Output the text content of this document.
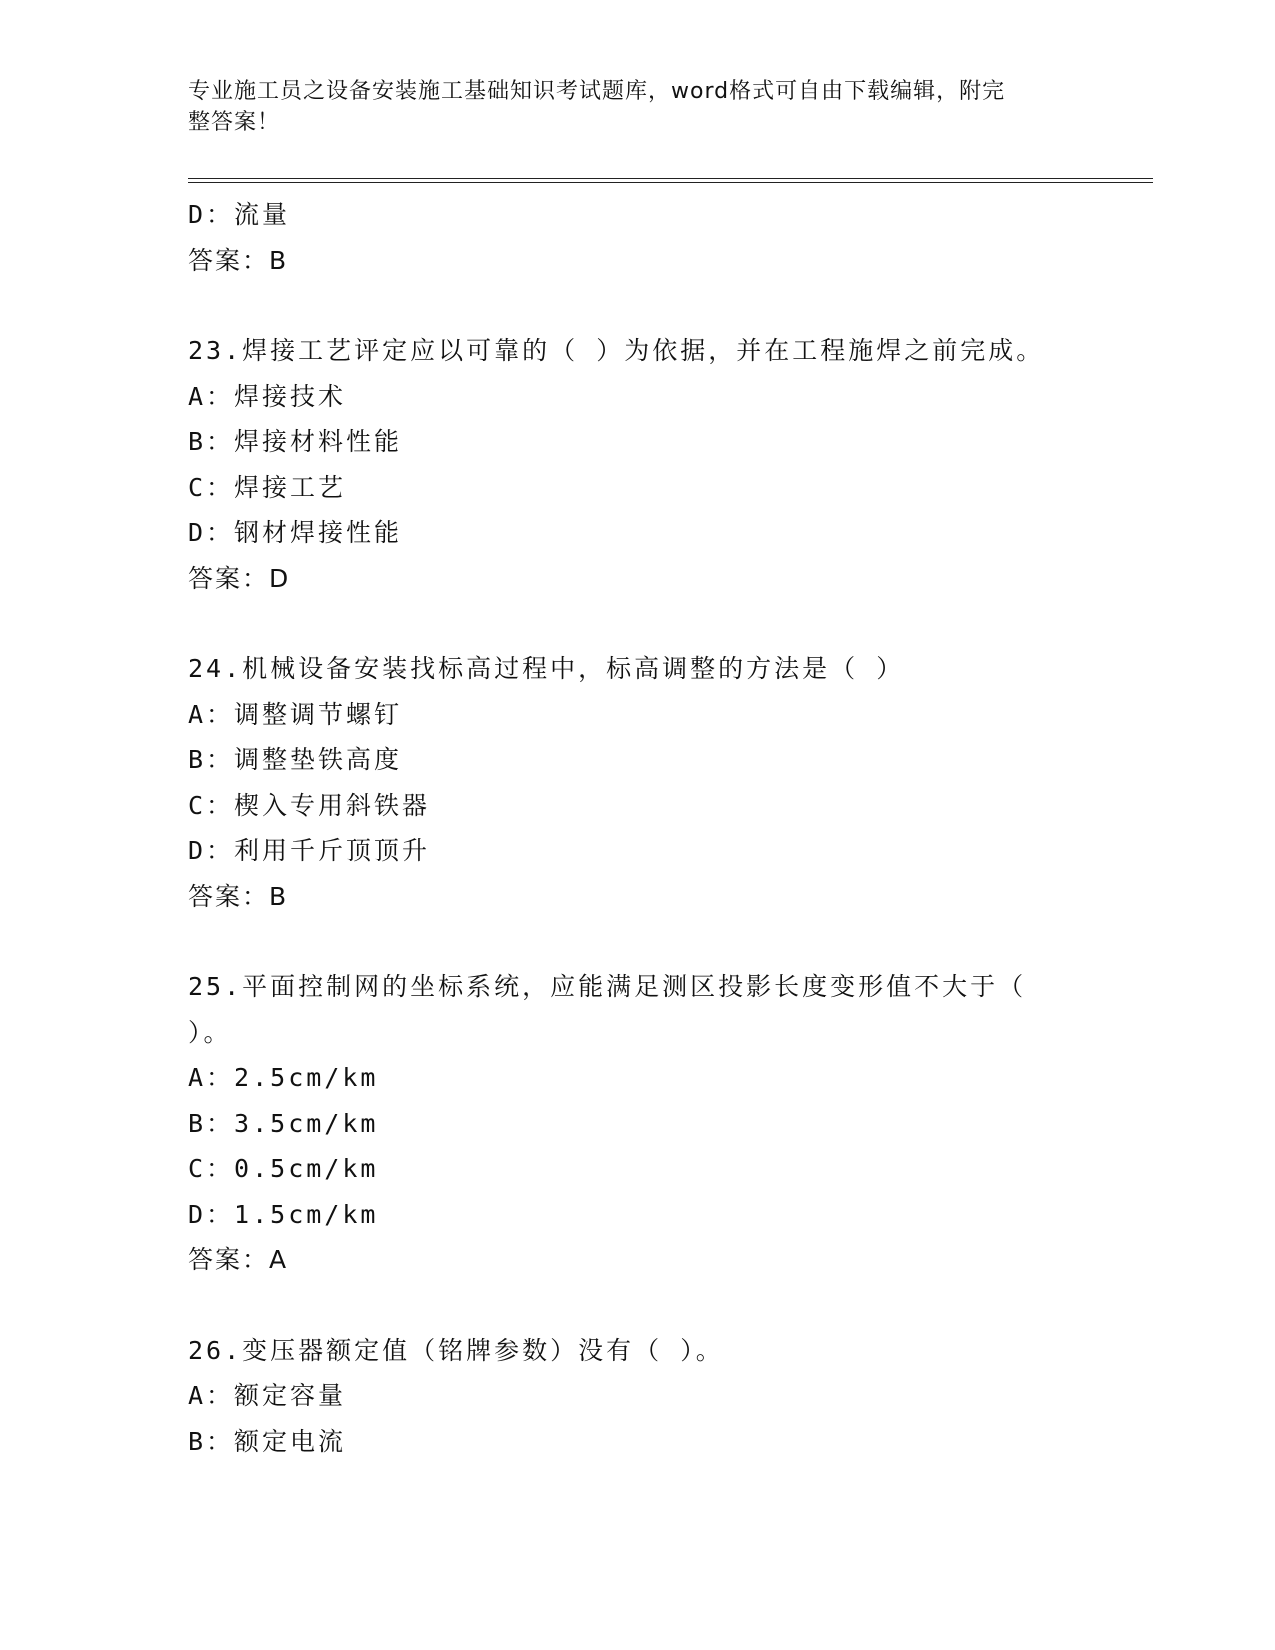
专业施工员之设备安装施工基础知识考试题库，word格式可自由下载编辑，附完
整答案！
D：流量
答案：B
23.焊接工艺评定应以可靠的（ ）为依据，并在工程施焊之前完成。
A：焊接技术
B：焊接材料性能
C：焊接工艺
D：钢材焊接性能
答案：D
24.机械设备安装找标高过程中，标高调整的方法是（ ）
A：调整调节螺钉
B：调整垫铁高度
C：楔入专用斜铁器
D：利用千斤顶顶升
答案：B
25.平面控制网的坐标系统，应能满足测区投影长度变形值不大于（
）。
A：2.5cm/km
B：3.5cm/km
C：0.5cm/km
D：1.5cm/km
答案：A
26.变压器额定值（铭牌参数）没有（ ）。
A：额定容量
B：额定电流
